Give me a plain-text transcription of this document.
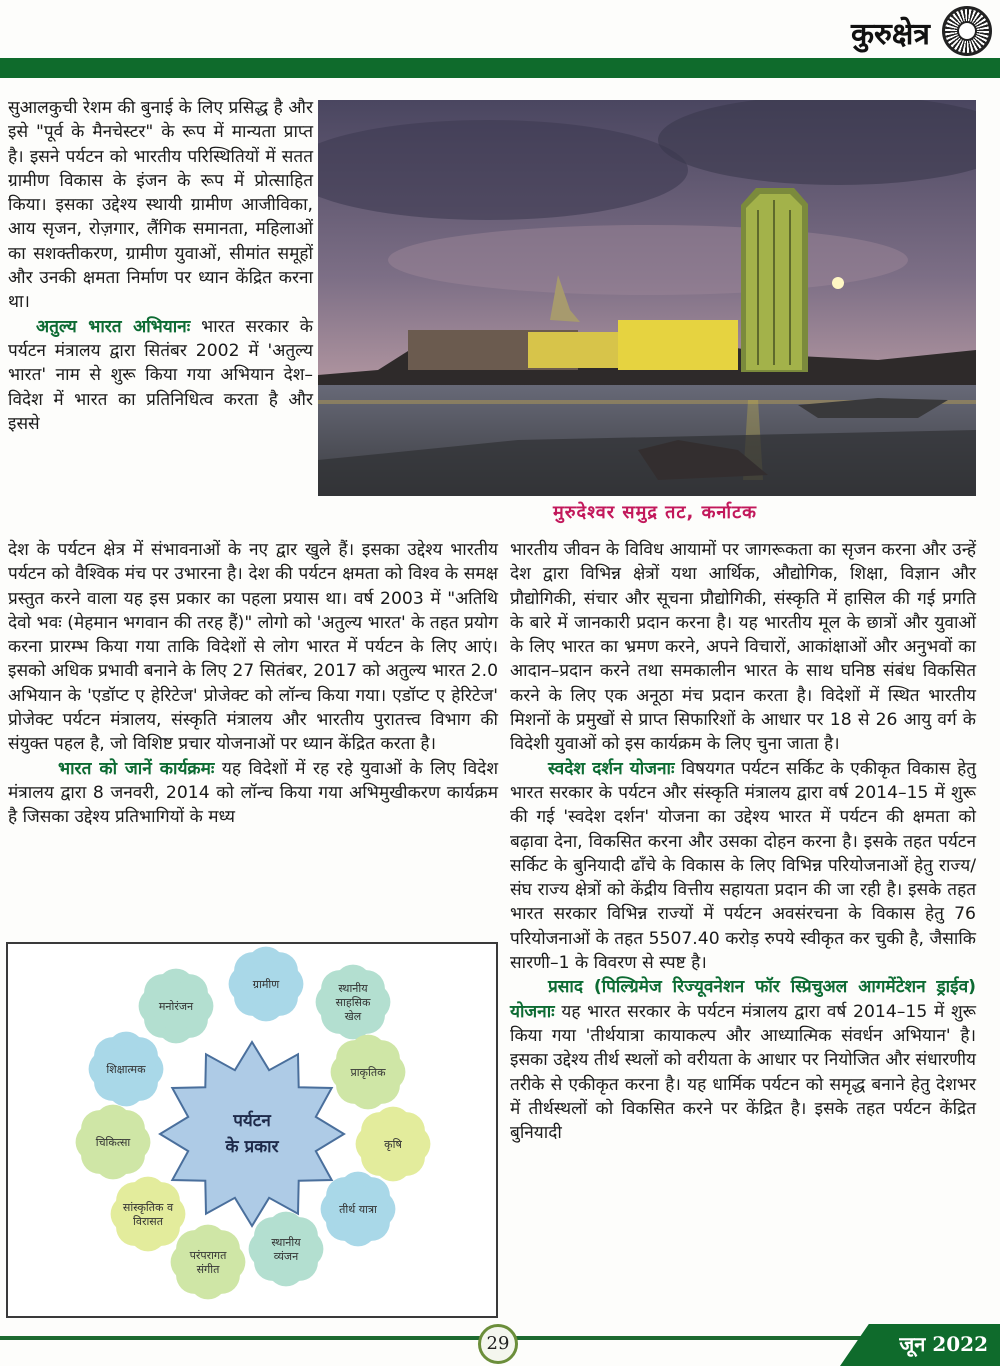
कुरुक्षेत्र

सुआलकुची रेशम की बुनाई के लिए प्रसिद्ध है और इसे "पूर्व के मैनचेस्टर" के रूप में मान्यता प्राप्त है। इसने पर्यटन को भारतीय परिस्थितियों में सतत ग्रामीण विकास के इंजन के रूप में प्रोत्साहित किया। इसका उद्देश्य स्थायी ग्रामीण आजीविका, आय सृजन, रोज़गार, लैंगिक समानता, महिलाओं का सशक्तीकरण, ग्रामीण युवाओं, सीमांत समूहों और उनकी क्षमता निर्माण पर ध्यान केंद्रित करना था।

अतुल्य भारत अभियानः भारत सरकार के पर्यटन मंत्रालय द्वारा सितंबर 2002 में 'अतुल्य भारत' नाम से शुरू किया गया अभियान देश–विदेश में भारत का प्रतिनिधित्व करता है और इससे

मुरुदेश्वर समुद्र तट, कर्नाटक

देश के पर्यटन क्षेत्र में संभावनाओं के नए द्वार खुले हैं। इसका उद्देश्य भारतीय पर्यटन को वैश्विक मंच पर उभारना है। देश की पर्यटन क्षमता को विश्व के समक्ष प्रस्तुत करने वाला यह इस प्रकार का पहला प्रयास था। वर्ष 2003 में "अतिथि देवो भवः (मेहमान भगवान की तरह हैं)" लोगो को 'अतुल्य भारत' के तहत प्रयोग करना प्रारम्भ किया गया ताकि विदेशों से लोग भारत में पर्यटन के लिए आएं। इसको अधिक प्रभावी बनाने के लिए 27 सितंबर, 2017 को अतुल्य भारत 2.0 अभियान के 'एडॉप्ट ए हेरिटेज' प्रोजेक्ट को लॉन्च किया गया। एडॉप्ट ए हेरिटेज' प्रोजेक्ट पर्यटन मंत्रालय, संस्कृति मंत्रालय और भारतीय पुरातत्त्व विभाग की संयुक्त पहल है, जो विशिष्ट प्रचार योजनाओं पर ध्यान केंद्रित करता है।

भारत को जानें कार्यक्रमः यह विदेशों में रह रहे युवाओं के लिए विदेश मंत्रालय द्वारा 8 जनवरी, 2014 को लॉन्च किया गया अभिमुखीकरण कार्यक्रम है जिसका उद्देश्य प्रतिभागियों के मध्य

भारतीय जीवन के विविध आयामों पर जागरूकता का सृजन करना और उन्हें देश द्वारा विभिन्न क्षेत्रों यथा आर्थिक, औद्योगिक, शिक्षा, विज्ञान और प्रौद्योगिकी, संचार और सूचना प्रौद्योगिकी, संस्कृति में हासिल की गई प्रगति के बारे में जानकारी प्रदान करना है। यह भारतीय मूल के छात्रों और युवाओं के लिए भारत का भ्रमण करने, अपने विचारों, आकांक्षाओं और अनुभवों का आदान–प्रदान करने तथा समकालीन भारत के साथ घनिष्ठ संबंध विकसित करने के लिए एक अनूठा मंच प्रदान करता है। विदेशों में स्थित भारतीय मिशनों के प्रमुखों से प्राप्त सिफारिशों के आधार पर 18 से 26 आयु वर्ग के विदेशी युवाओं को इस कार्यक्रम के लिए चुना जाता है।

स्वदेश दर्शन योजनाः विषयगत पर्यटन सर्किट के एकीकृत विकास हेतु भारत सरकार के पर्यटन और संस्कृति मंत्रालय द्वारा वर्ष 2014–15 में शुरू की गई 'स्वदेश दर्शन' योजना का उद्देश्य भारत में पर्यटन की क्षमता को बढ़ावा देना, विकसित करना और उसका दोहन करना है। इसके तहत पर्यटन सर्किट के बुनियादी ढाँचे के विकास के लिए विभिन्न परियोजनाओं हेतु राज्य/संघ राज्य क्षेत्रों को केंद्रीय वित्तीय सहायता प्रदान की जा रही है। इसके तहत भारत सरकार विभिन्न राज्यों में पर्यटन अवसंरचना के विकास हेतु 76 परियोजनाओं के तहत 5507.40 करोड़ रुपये स्वीकृत कर चुकी है, जैसाकि सारणी–1 के विवरण से स्पष्ट है।

प्रसाद (पिल्ग्रिमेज रिज्यूवनेशन फॉर स्प्रिचुअल आगमेंटेशन ड्राईव) योजनाः यह भारत सरकार के पर्यटन मंत्रालय द्वारा वर्ष 2014–15 में शुरू किया गया 'तीर्थयात्रा कायाकल्प और आध्यात्मिक संवर्धन अभियान' है। इसका उद्देश्य तीर्थ स्थलों को वरीयता के आधार पर नियोजित और संधारणीय तरीके से एकीकृत करना है। यह धार्मिक पर्यटन को समृद्ध बनाने हेतु देशभर में तीर्थस्थलों को विकसित करने पर केंद्रित है। इसके तहत पर्यटन केंद्रित बुनियादी

ग्रामीण	स्थानीय
साहसिक
खेल
प्राकृतिक
कृषि
तीर्थ यात्रा
स्थानीय
व्यंजन
परंपरागत
संगीत
सांस्कृतिक व
विरासत
चिकित्सा
शिक्षात्मक
मनोरंजन
पर्यटन
के प्रकार
जून 2022
29
